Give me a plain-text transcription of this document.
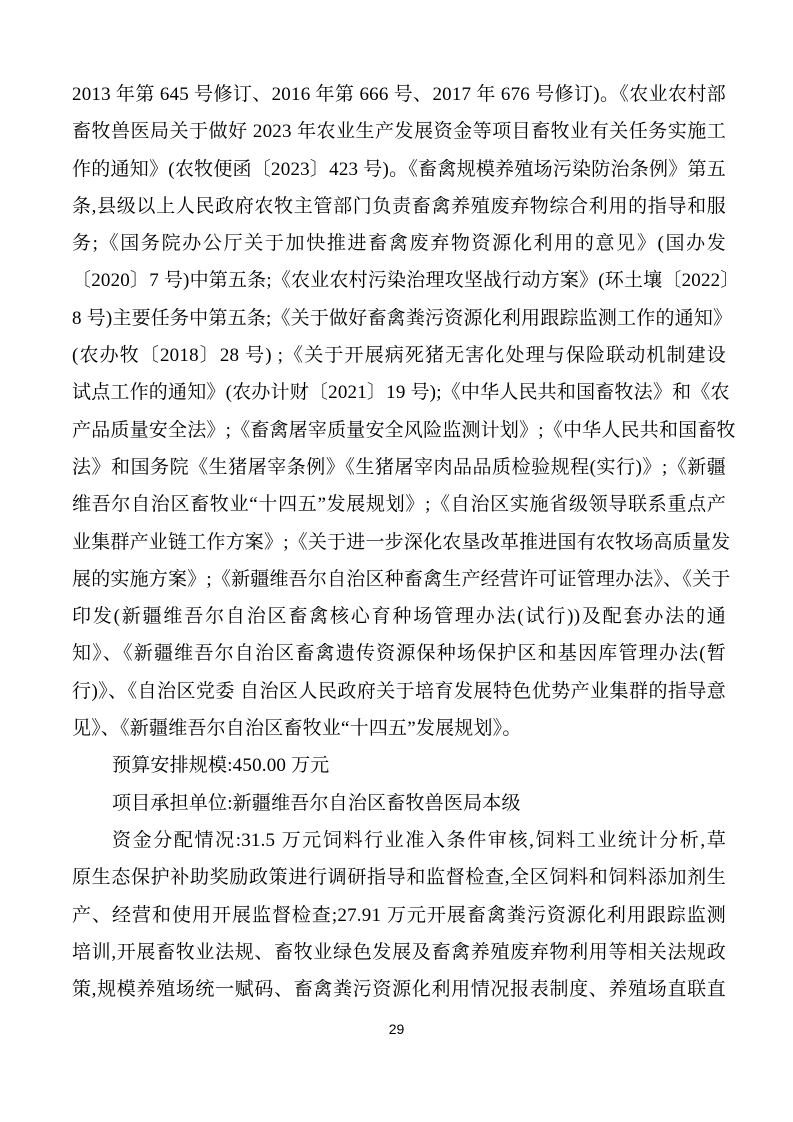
2013 年第 645 号修订、2016 年第 666 号、2017 年 676 号修订)。《农业农村部
畜牧兽医局关于做好 2023 年农业生产发展资金等项目畜牧业有关任务实施工
作的通知》(农牧便函〔2023〕423 号)。《畜禽规模养殖场污染防治条例》第五
条,县级以上人民政府农牧主管部门负责畜禽养殖废弃物综合利用的指导和服
务;《国务院办公厅关于加快推进畜禽废弃物资源化利用的意见》(国办发
〔2020〕7 号)中第五条;《农业农村污染治理攻坚战行动方案》(环土壤〔2022〕
8 号)主要任务中第五条;《关于做好畜禽粪污资源化利用跟踪监测工作的通知》
(农办牧〔2018〕28 号) ;《关于开展病死猪无害化处理与保险联动机制建设
试点工作的通知》(农办计财〔2021〕19 号);《中华人民共和国畜牧法》和《农
产品质量安全法》;《畜禽屠宰质量安全风险监测计划》;《中华人民共和国畜牧
法》和国务院《生猪屠宰条例》《生猪屠宰肉品品质检验规程(实行)》;《新疆
维吾尔自治区畜牧业“十四五”发展规划》;《自治区实施省级领导联系重点产
业集群产业链工作方案》;《关于进一步深化农垦改革推进国有农牧场高质量发
展的实施方案》;《新疆维吾尔自治区种畜禽生产经营许可证管理办法》、《关于
印发(新疆维吾尔自治区畜禽核心育种场管理办法(试行))及配套办法的通
知》、《新疆维吾尔自治区畜禽遗传资源保种场保护区和基因库管理办法(暂
行)》、《自治区党委 自治区人民政府关于培育发展特色优势产业集群的指导意
见》、《新疆维吾尔自治区畜牧业“十四五”发展规划》。
预算安排规模:450.00 万元
项目承担单位:新疆维吾尔自治区畜牧兽医局本级
资金分配情况:31.5 万元饲料行业准入条件审核,饲料工业统计分析,草
原生态保护补助奖励政策进行调研指导和监督检查,全区饲料和饲料添加剂生
产、经营和使用开展监督检查;27.91 万元开展畜禽粪污资源化利用跟踪监测
培训,开展畜牧业法规、畜牧业绿色发展及畜禽养殖废弃物利用等相关法规政
策,规模养殖场统一赋码、畜禽粪污资源化利用情况报表制度、养殖场直联直
29
